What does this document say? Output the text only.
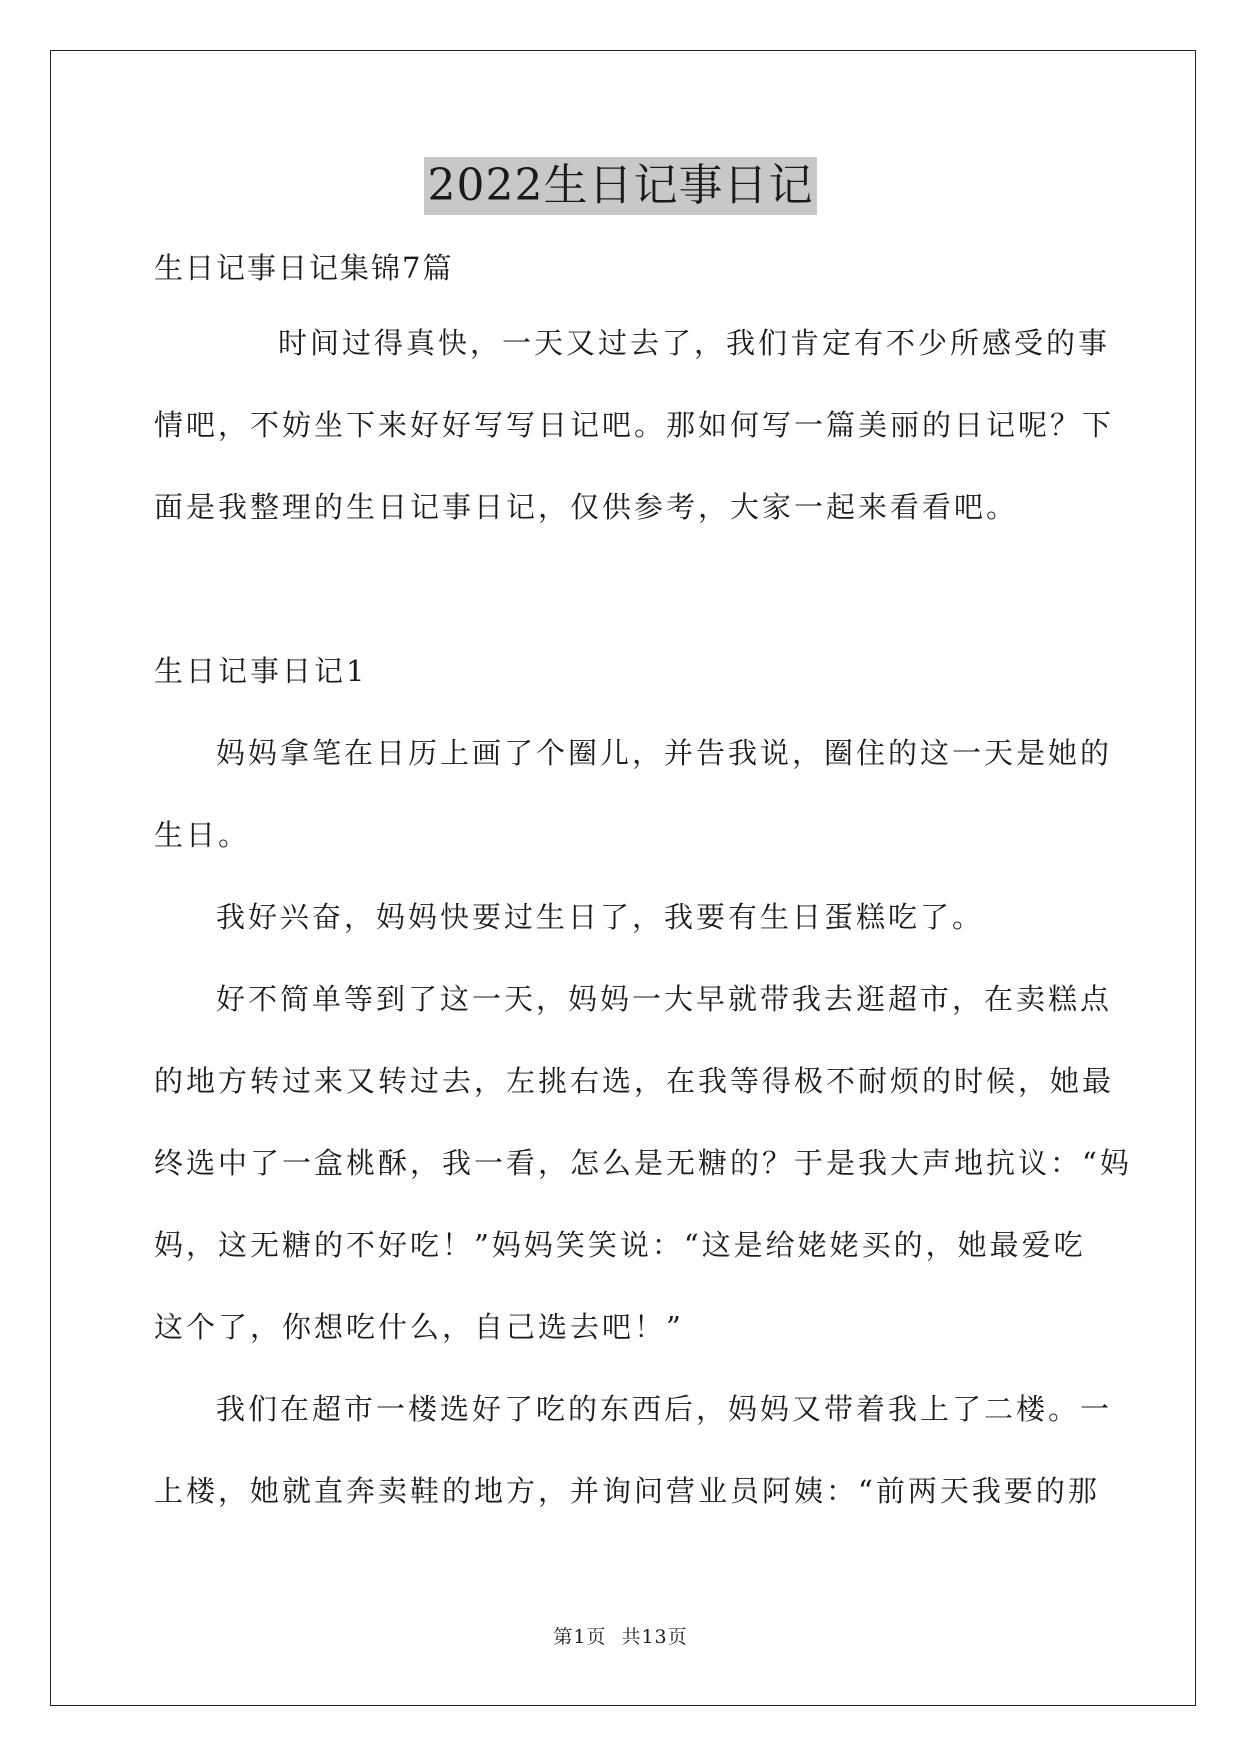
2022生日记事日记
生日记事日记集锦7篇
时间过得真快，一天又过去了，我们肯定有不少所感受的事
情吧，不妨坐下来好好写写日记吧。那如何写一篇美丽的日记呢？下
面是我整理的生日记事日记，仅供参考，大家一起来看看吧。
生日记事日记1
妈妈拿笔在日历上画了个圈儿，并告我说，圈住的这一天是她的
生日。
我好兴奋，妈妈快要过生日了，我要有生日蛋糕吃了。
好不简单等到了这一天，妈妈一大早就带我去逛超市，在卖糕点
的地方转过来又转过去，左挑右选，在我等得极不耐烦的时候，她最
终选中了一盒桃酥，我一看，怎么是无糖的？于是我大声地抗议：“妈
妈，这无糖的不好吃！”妈妈笑笑说：“这是给姥姥买的，她最爱吃
这个了，你想吃什么，自己选去吧！”
我们在超市一楼选好了吃的东西后，妈妈又带着我上了二楼。一
上楼，她就直奔卖鞋的地方，并询问营业员阿姨：“前两天我要的那
第1页 共13页
